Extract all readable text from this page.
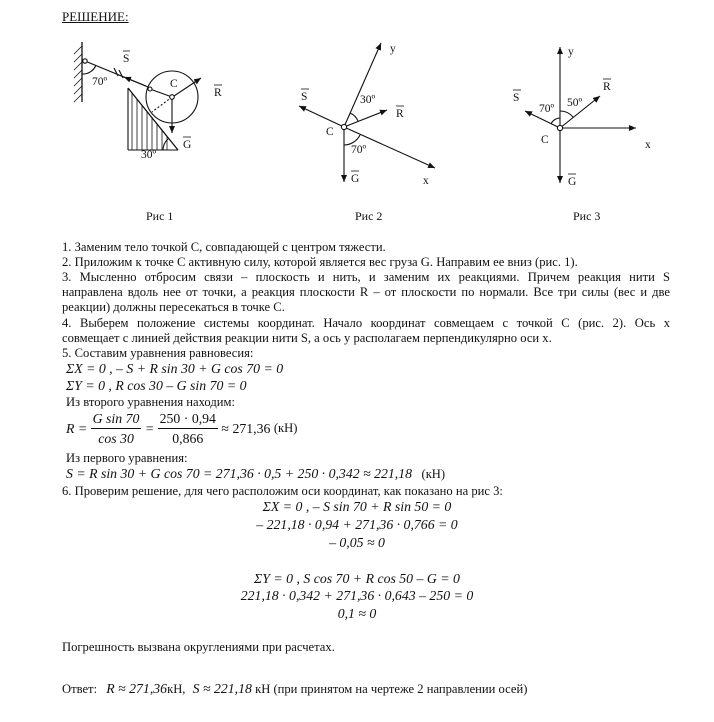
РЕШЕНИЕ:
70º
S
C
R
G
30º
Рис 1
y
S	30º
R
C
70º
G	x
Рис 2
y
S
70º 50º
R
C
G
x
Рис 3
1. Заменим тело точкой C, совпадающей с центром тяжести.
2. Приложим к точке C активную силу, которой является вес груза G. Направим ее вниз (рис. 1).
3. Мысленно отбросим связи – плоскость и нить, и заменим их реакциями. Причем реакция нити S
направлена вдоль нее от точки, а реакция плоскости R – от плоскости по нормали. Все три силы (вес и две
реакции) должны пересекаться в точке C.
4. Выберем положение системы координат. Начало координат совмещаем с точкой C (рис. 2). Ось x
совмещает с линией действия реакции нити S, а ось y располагаем перпендикулярно оси x.
5. Составим уравнения равновесия:
ΣX = 0 , – S + R sin 30 + G cos 70 = 0
ΣY = 0 , R cos 30 – G sin 70 = 0
Из второго уравнения находим:
$R = \frac{\text{G sin 70}}{\cos 30} = \frac{250 \cdot 0,94}{0,866} \approx 271,36$ (кН)
Из первого уравнения:
S = R sin 30 + G cos 70 = 271,36 · 0,5 + 250 · 0,342 ≈ 221,18 (кН)
6. Проверим решение, для чего расположим оси координат, как показано на рис 3:
ΣX = 0 , – S sin 70 + R sin 50 = 0
– 221,18 · 0,94 + 271,36 · 0,766 = 0
– 0,05 ≈ 0
ΣY = 0 , S cos 70 + R cos 50 – G = 0
221,18 · 0,342 + 271,36 · 0,643 – 250 = 0
0,1 ≈ 0
Погрешность вызвана округлениями при расчетах.
Ответ: R ≈ 271,36кН, S ≈ 221,18 кН (при принятом на чертеже 2 направлении осей)
